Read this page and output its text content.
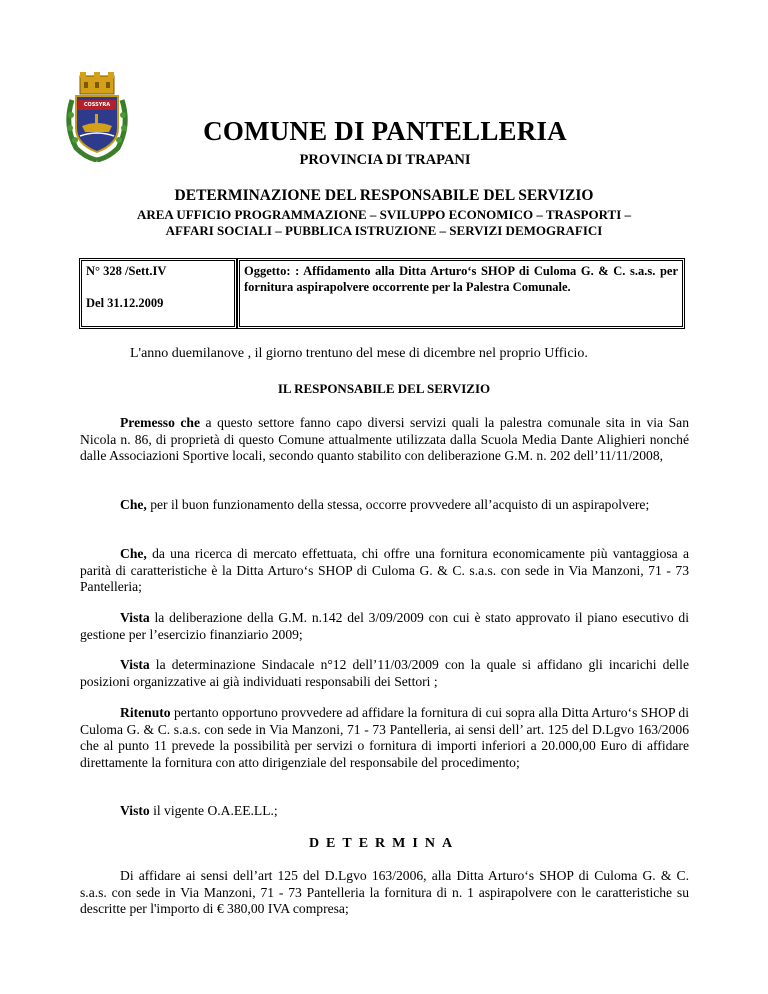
COSSYRA
COMUNE DI PANTELLERIA
PROVINCIA DI TRAPANI
DETERMINAZIONE DEL RESPONSABILE DEL SERVIZIO
AREA UFFICIO PROGRAMMAZIONE – SVILUPPO ECONOMICO – TRASPORTI –
AFFARI SOCIALI – PUBBLICA ISTRUZIONE – SERVIZI DEMOGRAFICI
N° 328 /Sett.IV
Del 31.12.2009
Oggetto: : Affidamento alla Ditta Arturo‘s SHOP di Culoma G. & C. s.a.s. per fornitura aspirapolvere occorrente per la Palestra Comunale.
L'anno duemilanove , il giorno trentuno del mese di dicembre nel proprio Ufficio.
IL RESPONSABILE DEL SERVIZIO
Premesso che a questo settore fanno capo diversi servizi quali la palestra comunale sita in via San Nicola n. 86, di proprietà di questo Comune attualmente utilizzata dalla Scuola Media Dante Alighieri nonché dalle Associazioni Sportive locali, secondo quanto stabilito con deliberazione G.M. n. 202 dell’11/11/2008,
Che, per il buon funzionamento della stessa, occorre provvedere all’acquisto di un aspirapolvere;
Che, da una ricerca di mercato effettuata, chi offre una fornitura economicamente più vantaggiosa a parità di caratteristiche è la Ditta Arturo‘s SHOP di Culoma G. & C. s.a.s. con sede in Via Manzoni, 71 - 73 Pantelleria;
Vista la deliberazione della G.M. n.142 del 3/09/2009 con cui è stato approvato il piano esecutivo di gestione per l’esercizio finanziario 2009;
Vista la determinazione Sindacale n°12 dell’11/03/2009 con la quale si affidano gli incarichi delle posizioni organizzative ai già individuati responsabili dei Settori ;
Ritenuto pertanto opportuno provvedere ad affidare la fornitura di cui sopra alla Ditta Arturo‘s SHOP di Culoma G. & C. s.a.s. con sede in Via Manzoni, 71 - 73 Pantelleria, ai sensi dell’ art. 125 del D.Lgvo 163/2006 che al punto 11 prevede la possibilità per servizi o fornitura di importi inferiori a 20.000,00 Euro di affidare direttamente la fornitura con atto dirigenziale del responsabile del procedimento;
Visto il vigente O.A.EE.LL.;
DETERMINA
Di affidare ai sensi dell’art 125 del D.Lgvo 163/2006, alla Ditta Arturo‘s SHOP di Culoma G. & C. s.a.s. con sede in Via Manzoni, 71 - 73 Pantelleria la fornitura di n. 1 aspirapolvere con le caratteristiche su descritte per l'importo di € 380,00 IVA compresa;
